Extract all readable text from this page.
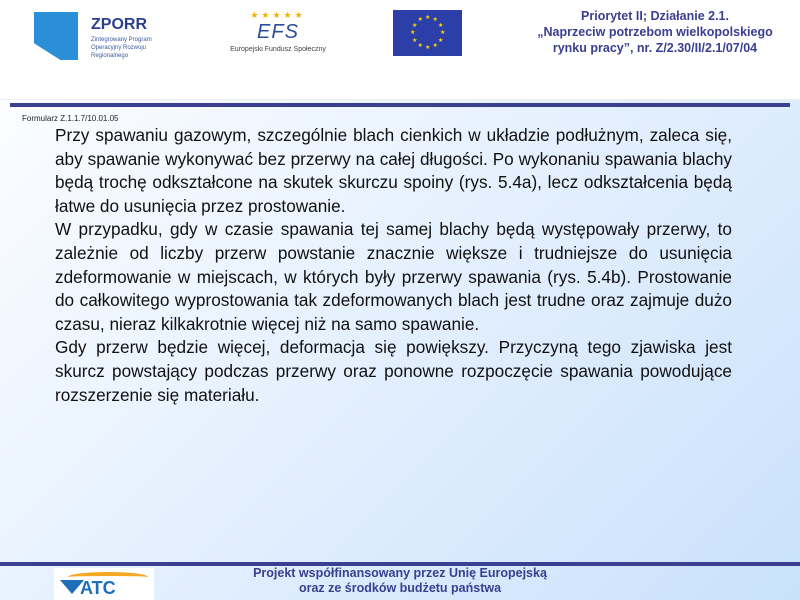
ZPORR
Zintegrowany Program Operacyjny Rozwoju Regionalnego
★★★★★
EFS
Europejski Fundusz Społeczny
★
★
★
★
★
★
★
★
★ ★ ★
★
Priorytet II; Działanie 2.1.
„Naprzeciw potrzebom wielkopolskiego
rynku pracy”, nr. Z/2.30/II/2.1/07/04
Formularz Z.1.1.7/10.01.05

Przy spawaniu gazowym, szczególnie blach cienkich w układzie podłużnym, zaleca się, aby spawanie wykonywać bez przerwy na całej długości. Po wykonaniu spawania blachy będą trochę odkształcone na skutek skurczu spoiny (rys. 5.4a), lecz odkształcenia będą łatwe do usunięcia przez prostowanie.

W przypadku, gdy w czasie spawania tej samej blachy będą występowały przerwy, to zależnie od liczby przerw powstanie znacznie większe i trudniejsze do usunięcia zdeformowanie w miejscach, w których były przerwy spawania (rys. 5.4b). Prostowanie do całkowitego wyprostowania tak zdeformowanych blach jest trudne oraz zajmuje dużo czasu, nieraz kilkakrotnie więcej niż na samo spawanie.

Gdy przerw będzie więcej, deformacja się powiększy. Przyczyną tego zjawiska jest skurcz powstający podczas przerwy oraz ponowne rozpoczęcie spawania powodujące rozszerzenie się materiału.

ATC
Projekt współfinansowany przez Unię Europejską
oraz ze środków budżetu państwa
